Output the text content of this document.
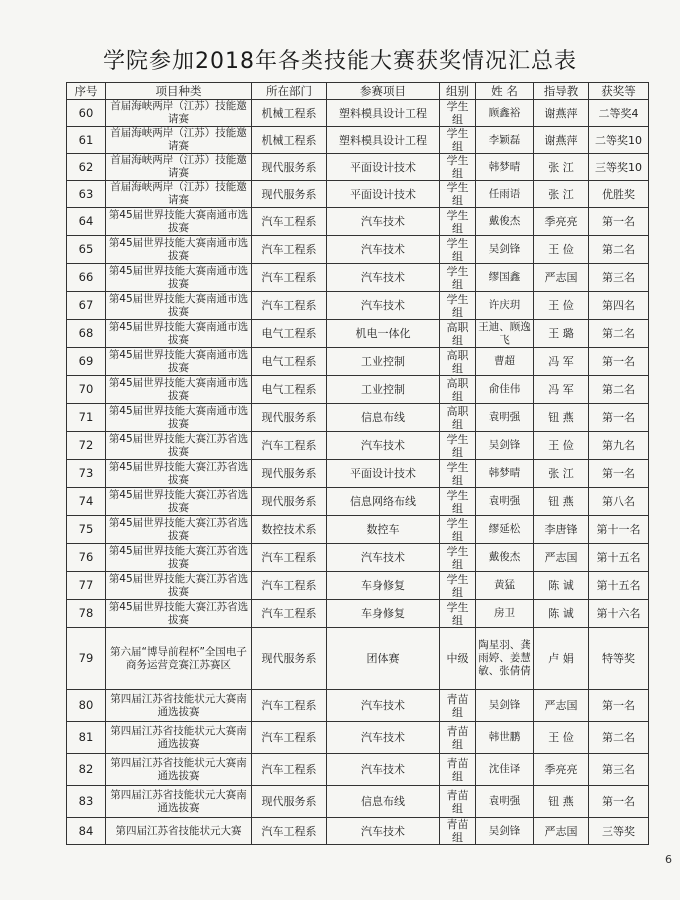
学院参加2018年各类技能大赛获奖情况汇总表
序号	项目种类	所在部门	参赛项目	组别	姓 名	指导教	获奖等
60	首届海峡两岸（江苏）技能邀请赛	机械工程系	塑料模具设计工程	学生组	顾鑫裕	谢燕萍	二等奖4
61	首届海峡两岸（江苏）技能邀请赛	机械工程系	塑料模具设计工程	学生组	李颖磊	谢燕萍	二等奖10
62	首届海峡两岸（江苏）技能邀请赛	现代服务系	平面设计技术	学生组	韩梦晴	张 江	三等奖10
63	首届海峡两岸（江苏）技能邀请赛	现代服务系	平面设计技术	学生组	任雨语	张 江	优胜奖
64	第45届世界技能大赛南通市选拔赛	汽车工程系	汽车技术	学生组	戴俊杰	季亮亮	第一名
65	第45届世界技能大赛南通市选拔赛	汽车工程系	汽车技术	学生组	吴剑锋	王 俭	第二名
66	第45届世界技能大赛南通市选拔赛	汽车工程系	汽车技术	学生组	缪国鑫	严志国	第三名
67	第45届世界技能大赛南通市选拔赛	汽车工程系	汽车技术	学生组	许庆玥	王 俭	第四名
68	第45届世界技能大赛南通市选拔赛	电气工程系	机电一体化	高职组	王迪、顾逸飞	王 璐	第二名
69	第45届世界技能大赛南通市选拔赛	电气工程系	工业控制	高职组	曹超	冯 军	第一名
70	第45届世界技能大赛南通市选拔赛	电气工程系	工业控制	高职组	俞佳伟	冯 军	第二名
71	第45届世界技能大赛南通市选拔赛	现代服务系	信息布线	高职组	袁明强	钮 燕	第一名
72	第45届世界技能大赛江苏省选拔赛	汽车工程系	汽车技术	学生组	吴剑锋	王 俭	第九名
73	第45届世界技能大赛江苏省选拔赛	现代服务系	平面设计技术	学生组	韩梦晴	张 江	第一名
74	第45届世界技能大赛江苏省选拔赛	现代服务系	信息网络布线	学生组	袁明强	钮 燕	第八名
75	第45届世界技能大赛江苏省选拔赛	数控技术系	数控车	学生组	缪延松	李唐锋	第十一名
76	第45届世界技能大赛江苏省选拔赛	汽车工程系	汽车技术	学生组	戴俊杰	严志国	第十五名
77	第45届世界技能大赛江苏省选拔赛	汽车工程系	车身修复	学生组	黄猛	陈 诚	第十五名
78	第45届世界技能大赛江苏省选拔赛	汽车工程系	车身修复	学生组	房卫	陈 诚	第十六名
79	第六届“博导前程杯”全国电子商务运营竞赛江苏赛区	现代服务系	团体赛	中级	陶星羽、龚雨婷、姜慧敏、张倩倩	卢 娟	特等奖
80	第四届江苏省技能状元大赛南通选拔赛	汽车工程系	汽车技术	青苗组	吴剑锋	严志国	第一名
81	第四届江苏省技能状元大赛南通选拔赛	汽车工程系	汽车技术	青苗组	韩世鹏	王 俭	第二名
82	第四届江苏省技能状元大赛南通选拔赛	汽车工程系	汽车技术	青苗组	沈佳译	季亮亮	第三名
83	第四届江苏省技能状元大赛南通选拔赛	现代服务系	信息布线	青苗组	袁明强	钮 燕	第一名
84	第四届江苏省技能状元大赛	汽车工程系	汽车技术	青苗组	吴剑锋	严志国	三等奖
6
